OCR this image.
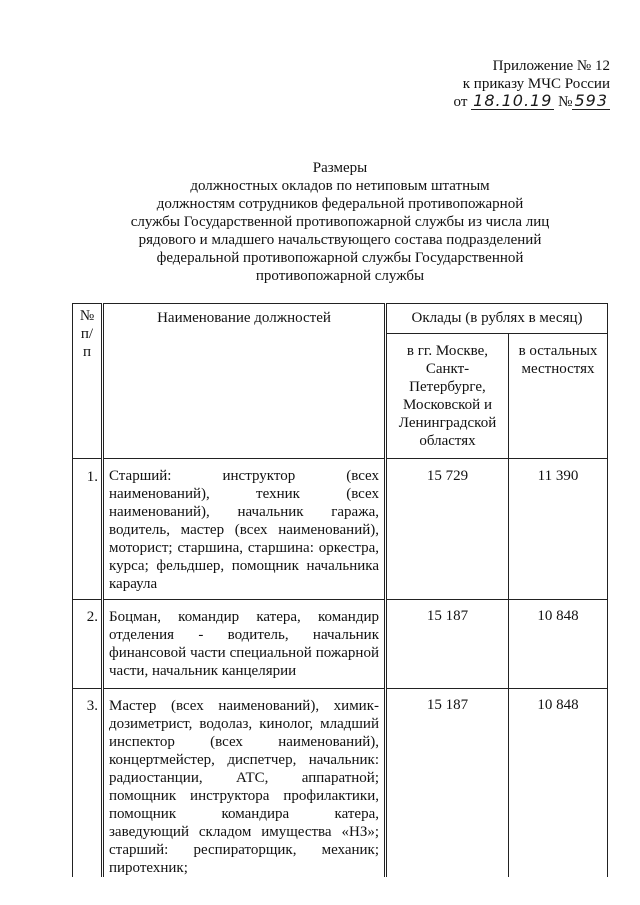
Приложение № 12
к приказу МЧС России
от 18.10.19 № 593
Размеры
должностных окладов по нетиповым штатным
должностям сотрудников федеральной противопожарной
службы Государственной противопожарной службы из числа лиц
рядового и младшего начальствующего состава подразделений
федеральной противопожарной службы Государственной
противопожарной службы
№ п/п	Наименование должностей	Оклады (в рублях в месяц)	
		в гг. Москве, Санкт-Петербурге, Московской и Ленинградской областях	в остальных местностях
1.	Старший: инструктор (всех наименований), техник (всех наименований), начальник гаража, водитель, мастер (всех наименований), моторист; старшина, старшина: оркестра, курса; фельдшер, помощник начальника караула	15 729	11 390
2.	Боцман, командир катера, командир отделения - водитель, начальник финансовой части специальной пожарной части, начальник канцелярии	15 187	10 848
3.	Мастер (всех наименований), химик-дозиметрист, водолаз, кинолог, младший инспектор (всех наименований), концертмейстер, диспетчер, начальник: радиостанции, АТС, аппаратной; помощник инструктора профилактики, помощник командира катера, заведующий складом имущества «НЗ»; старший: респираторщик, механик; пиротехник;	15 187	10 848
